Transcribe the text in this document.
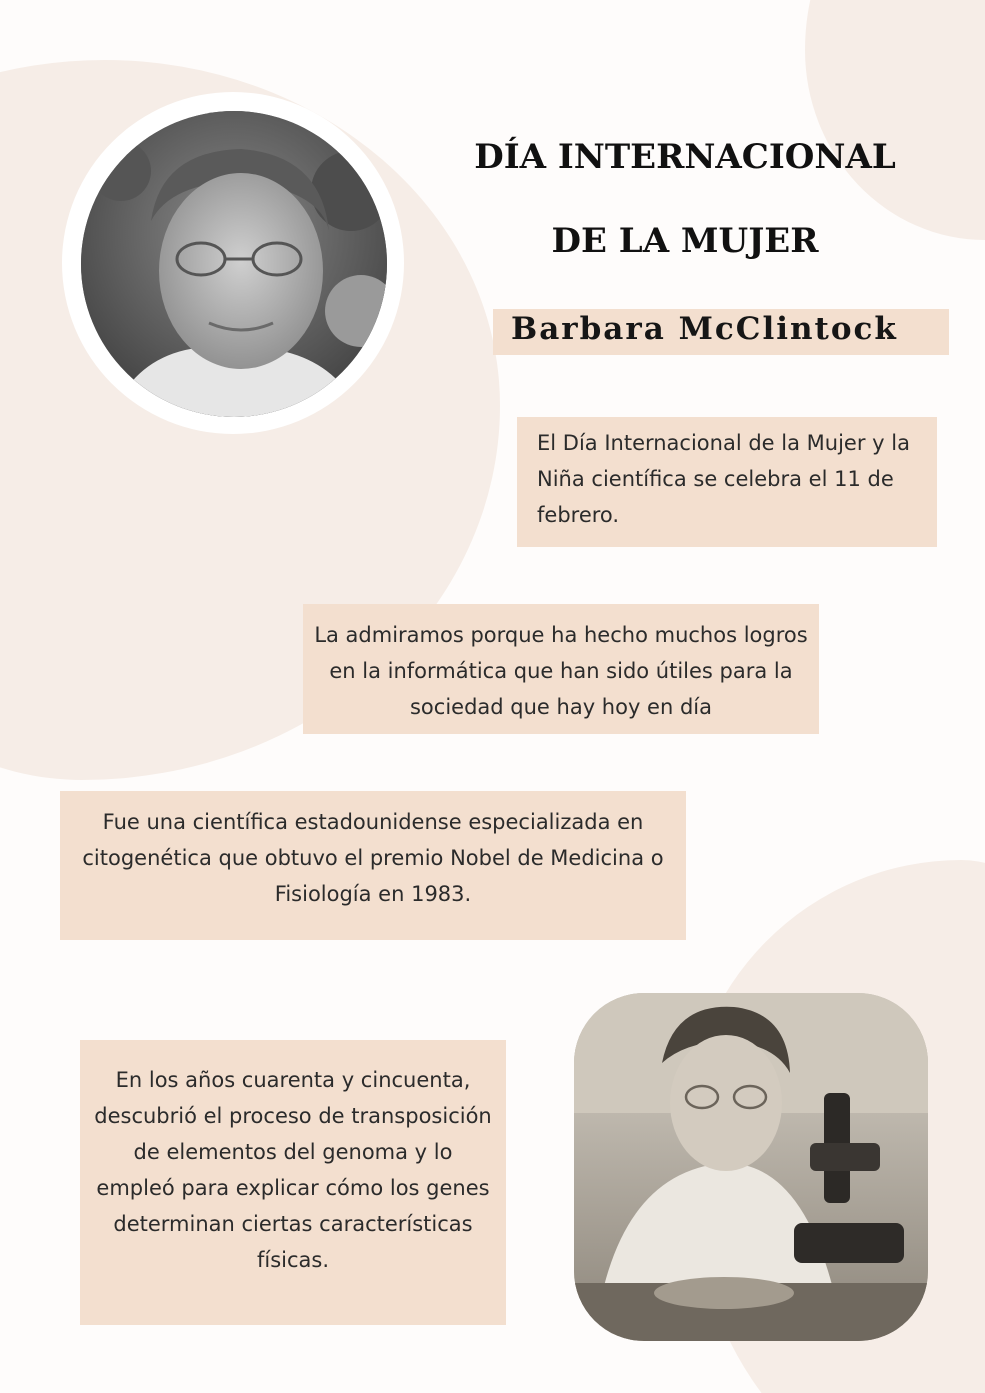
DÍA INTERNACIONAL
DE LA MUJER
Barbara McClintock
El Día Internacional de la Mujer y la Niña científica se celebra el 11 de febrero.
La admiramos porque ha hecho muchos logros en la informática que han sido útiles para la sociedad que hay hoy en día
Fue una científica estadounidense especializada en citogenética que obtuvo el premio Nobel de Medicina o Fisiología en 1983.
En los años cuarenta y cincuenta, descubrió el proceso de transposición de elementos del genoma y lo empleó para explicar cómo los genes determinan ciertas características físicas.
